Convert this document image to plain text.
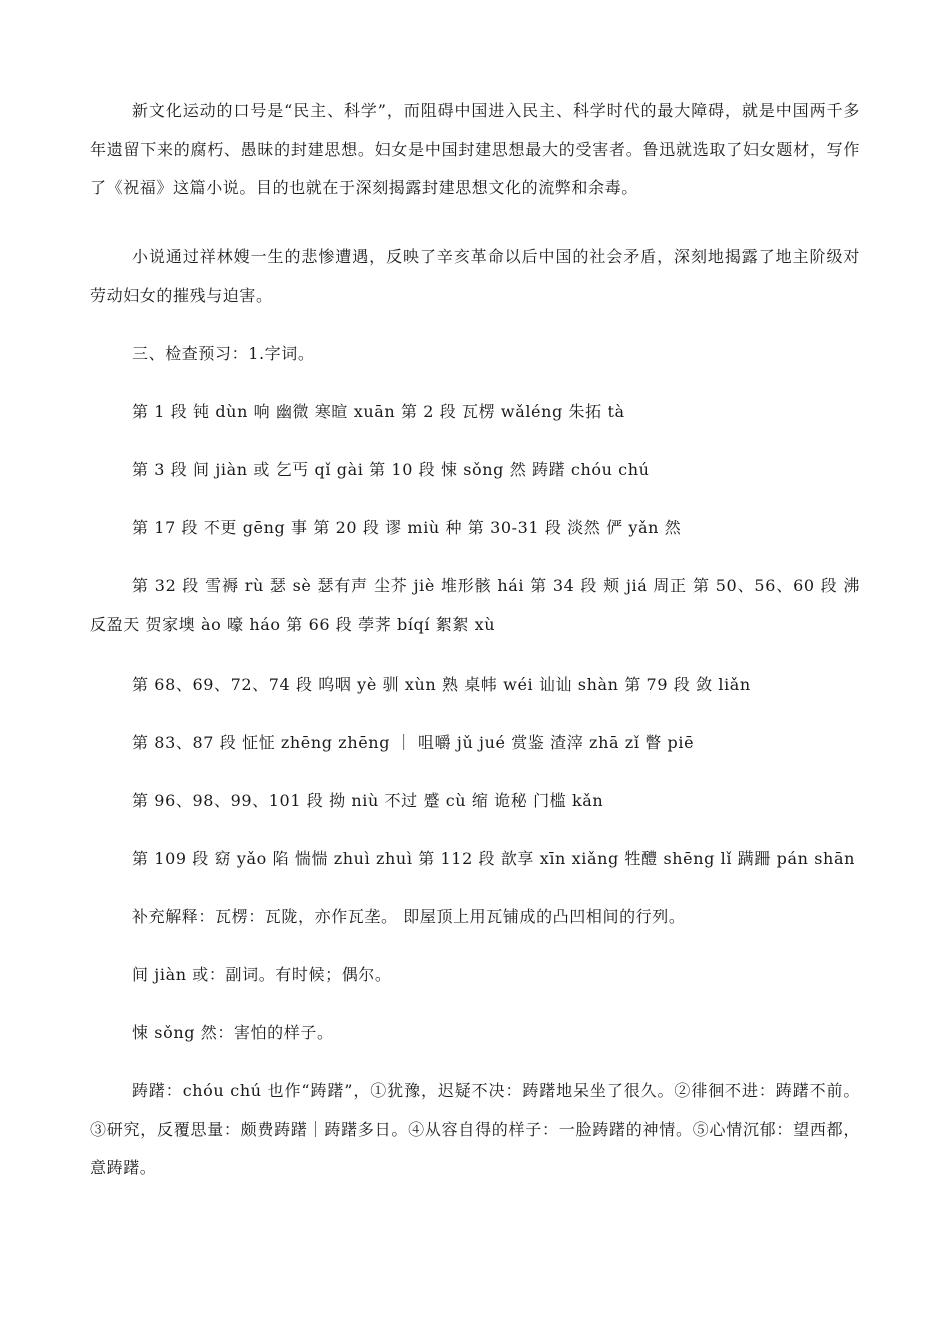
新文化运动的口号是“民主、科学”，而阻碍中国进入民主、科学时代的最大障碍，就是中国两千多年遗留下来的腐朽、愚昧的封建思想。妇女是中国封建思想最大的受害者。鲁迅就选取了妇女题材，写作了《祝福》这篇小说。目的也就在于深刻揭露封建思想文化的流弊和余毒。

小说通过祥林嫂一生的悲惨遭遇，反映了辛亥革命以后中国的社会矛盾，深刻地揭露了地主阶级对劳动妇女的摧残与迫害。

三、检查预习：1.字词。

第 1 段 钝 dùn 响 幽微 寒暄 xuān 第 2 段 瓦楞 wǎléng 朱拓 tà

第 3 段 间 jiàn 或 乞丐 qǐ gài 第 10 段 悚 sǒng 然 踌躇 chóu chú

第 17 段 不更 gēng 事 第 20 段 谬 miù 种 第 30-31 段 淡然 俨 yǎn 然

第 32 段 雪褥 rù 瑟 sè 瑟有声 尘芥 jiè 堆形骸 hái 第 34 段 颊 jiá 周正 第 50、56、60 段 沸反盈天 贺家墺 ào 嚎 háo 第 66 段 荸荠 bíqí 絮絮 xù

第 68、69、72、74 段 呜咽 yè 驯 xùn 熟 桌帏 wéi 讪讪 shàn 第 79 段 敛 liǎn

第 83、87 段 怔怔 zhēng zhēng ｜ 咀嚼 jǔ jué 赏鉴 渣滓 zhā zǐ 瞥 piē

第 96、98、99、101 段 拗 niù 不过 蹙 cù 缩 诡秘 门槛 kǎn

第 109 段 窈 yǎo 陷 惴惴 zhuì zhuì 第 112 段 歆享 xīn xiǎng 牲醴 shēng lǐ 蹒跚 pán shān

补充解释：瓦楞：瓦陇，亦作瓦垄。 即屋顶上用瓦铺成的凸凹相间的行列。

间 jiàn 或：副词。有时候；偶尔。

悚 sǒng 然：害怕的样子。

踌躇：chóu chú 也作“踌躇”，①犹豫，迟疑不决：踌躇地呆坐了很久。②徘徊不进：踌躇不前。③研究，反覆思量：颇费踌躇｜踌躇多日。④从容自得的样子：一脸踌躇的神情。⑤心情沉郁：望西都，意踌躇。
